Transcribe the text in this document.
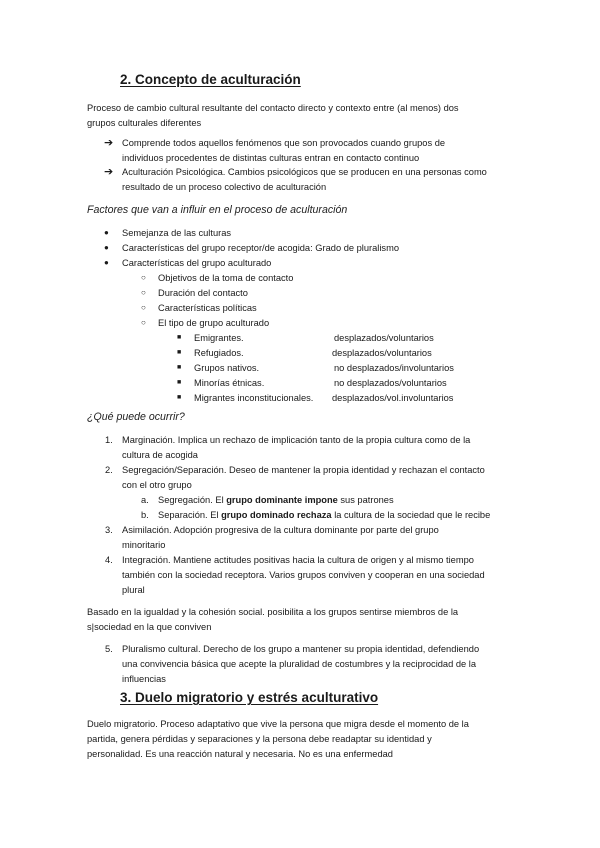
2. Concepto de aculturación
Proceso de cambio cultural resultante del contacto directo y contexto entre (al menos) dos
grupos culturales diferentes
➔ Comprende todos aquellos fenómenos que son provocados cuando grupos de
individuos procedentes de distintas culturas entran en contacto continuo
➔ Aculturación Psicológica. Cambios psicológicos que se producen en una personas como
resultado de un proceso colectivo de aculturación
Factores que van a influir en el proceso de aculturación
● Semejanza de las culturas
● Características del grupo receptor/de acogida: Grado de pluralismo
● Características del grupo aculturado
○ Objetivos de la toma de contacto
○ Duración del contacto
○ Características políticas
○ El tipo de grupo aculturado
■ Emigrantes.	desplazados/voluntarios
■ Refugiados.	desplazados/voluntarios
■ Grupos nativos.	no desplazados/involuntarios
■ Minorías étnicas.	no desplazados/voluntarios
■ Migrantes inconstitucionales. desplazados/vol.involuntarios
¿Qué puede ocurrir?
1. Marginación. Implica un rechazo de implicación tanto de la propia cultura como de la
cultura de acogida
2. Segregación/Separación. Deseo de mantener la propia identidad y rechazan el contacto
con el otro grupo
a. Segregación. El grupo dominante impone sus patrones
b. Separación. El grupo dominado rechaza la cultura de la sociedad que le recibe
3. Asimilación. Adopción progresiva de la cultura dominante por parte del grupo
minoritario
4. Integración. Mantiene actitudes positivas hacia la cultura de origen y al mismo tiempo
también con la sociedad receptora. Varios grupos conviven y cooperan en una sociedad
plural
Basado en la igualdad y la cohesión social. posibilita a los grupos sentirse miembros de la
s|sociedad en la que conviven
5. Pluralismo cultural. Derecho de los grupo a mantener su propia identidad, defendiendo
una convivencia básica que acepte la pluralidad de costumbres y la reciprocidad de la
influencias
3. Duelo migratorio y estrés aculturativo
Duelo migratorio. Proceso adaptativo que vive la persona que migra desde el momento de la
partida, genera pérdidas y separaciones y la persona debe readaptar su identidad y
personalidad. Es una reacción natural y necesaria. No es una enfermedad
